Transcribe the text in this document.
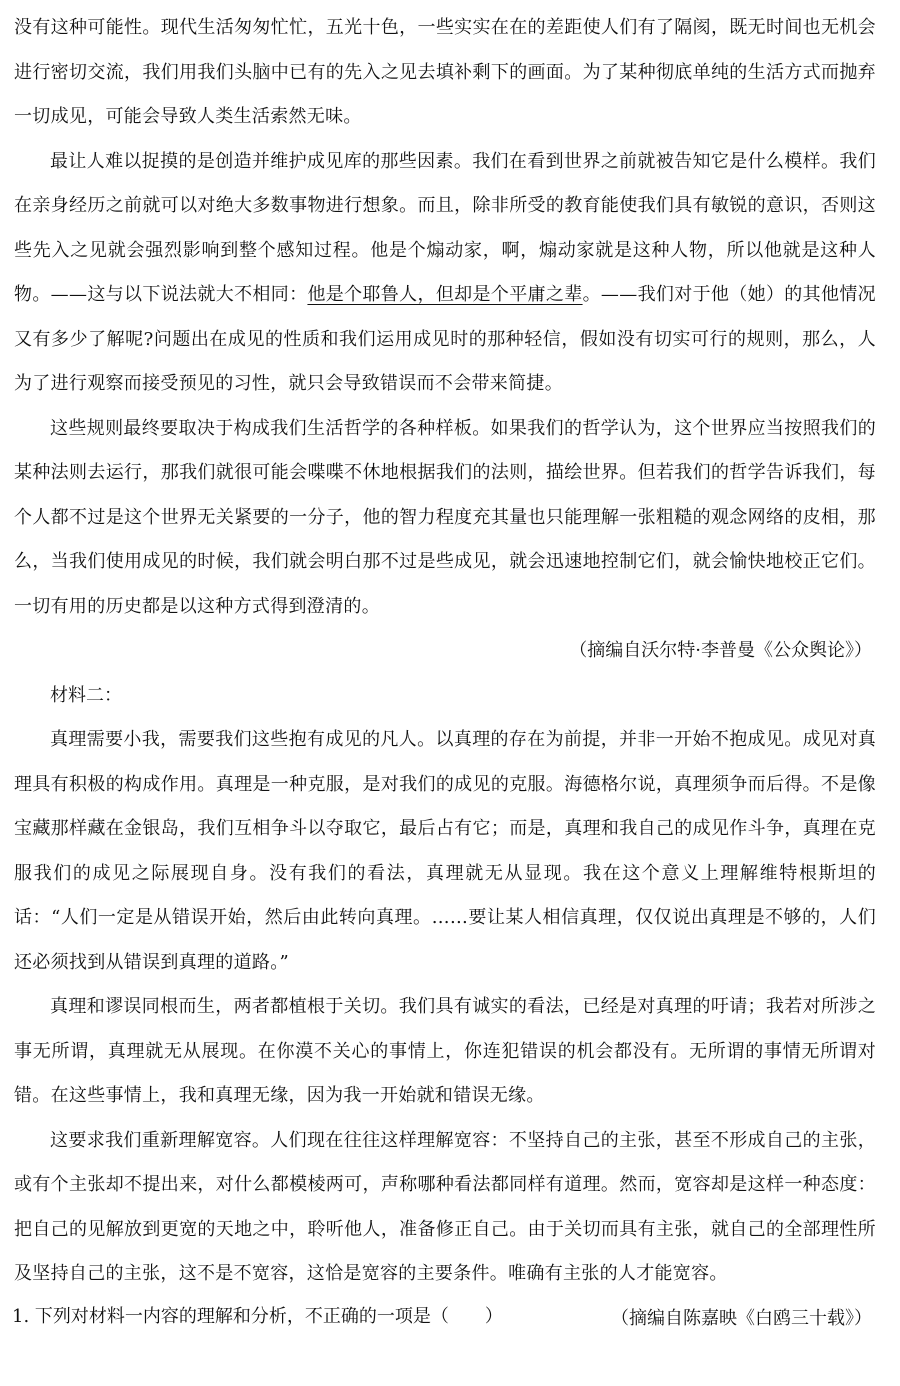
没有这种可能性。现代生活匆匆忙忙，五光十色，一些实实在在的差距使人们有了隔阂，既无时间也无机会进行密切交流，我们用我们头脑中已有的先入之见去填补剩下的画面。为了某种彻底单纯的生活方式而抛弃一切成见，可能会导致人类生活索然无味。

最让人难以捉摸的是创造并维护成见库的那些因素。我们在看到世界之前就被告知它是什么模样。我们在亲身经历之前就可以对绝大多数事物进行想象。而且，除非所受的教育能使我们具有敏锐的意识，否则这些先入之见就会强烈影响到整个感知过程。他是个煽动家，啊，煽动家就是这种人物，所以他就是这种人物。——这与以下说法就大不相同：他是个耶鲁人，但却是个平庸之辈。——我们对于他（她）的其他情况又有多少了解呢?问题出在成见的性质和我们运用成见时的那种轻信，假如没有切实可行的规则，那么，人为了进行观察而接受预见的习性，就只会导致错误而不会带来简捷。

这些规则最终要取决于构成我们生活哲学的各种样板。如果我们的哲学认为，这个世界应当按照我们的某种法则去运行，那我们就很可能会喋喋不休地根据我们的法则，描绘世界。但若我们的哲学告诉我们，每个人都不过是这个世界无关紧要的一分子，他的智力程度充其量也只能理解一张粗糙的观念网络的皮相，那么，当我们使用成见的时候，我们就会明白那不过是些成见，就会迅速地控制它们，就会愉快地校正它们。一切有用的历史都是以这种方式得到澄清的。

（摘编自沃尔特·李普曼《公众舆论》）

材料二：

真理需要小我，需要我们这些抱有成见的凡人。以真理的存在为前提，并非一开始不抱成见。成见对真理具有积极的构成作用。真理是一种克服，是对我们的成见的克服。海德格尔说，真理须争而后得。不是像宝藏那样藏在金银岛，我们互相争斗以夺取它，最后占有它；而是，真理和我自己的成见作斗争，真理在克服我们的成见之际展现自身。没有我们的看法，真理就无从显现。我在这个意义上理解维特根斯坦的话：“人们一定是从错误开始，然后由此转向真理。……要让某人相信真理，仅仅说出真理是不够的，人们还必须找到从错误到真理的道路。”

真理和谬误同根而生，两者都植根于关切。我们具有诚实的看法，已经是对真理的吁请；我若对所涉之事无所谓，真理就无从展现。在你漠不关心的事情上，你连犯错误的机会都没有。无所谓的事情无所谓对错。在这些事情上，我和真理无缘，因为我一开始就和错误无缘。

这要求我们重新理解宽容。人们现在往往这样理解宽容：不坚持自己的主张，甚至不形成自己的主张，或有个主张却不提出来，对什么都模棱两可，声称哪种看法都同样有道理。然而，宽容却是这样一种态度：把自己的见解放到更宽的天地之中，聆听他人，准备修正自己。由于关切而具有主张，就自己的全部理性所及坚持自己的主张，这不是不宽容，这恰是宽容的主要条件。唯确有主张的人才能宽容。

（摘编自陈嘉映《白鸥三十载》）

1. 下列对材料一内容的理解和分析，不正确的一项是（　　）
